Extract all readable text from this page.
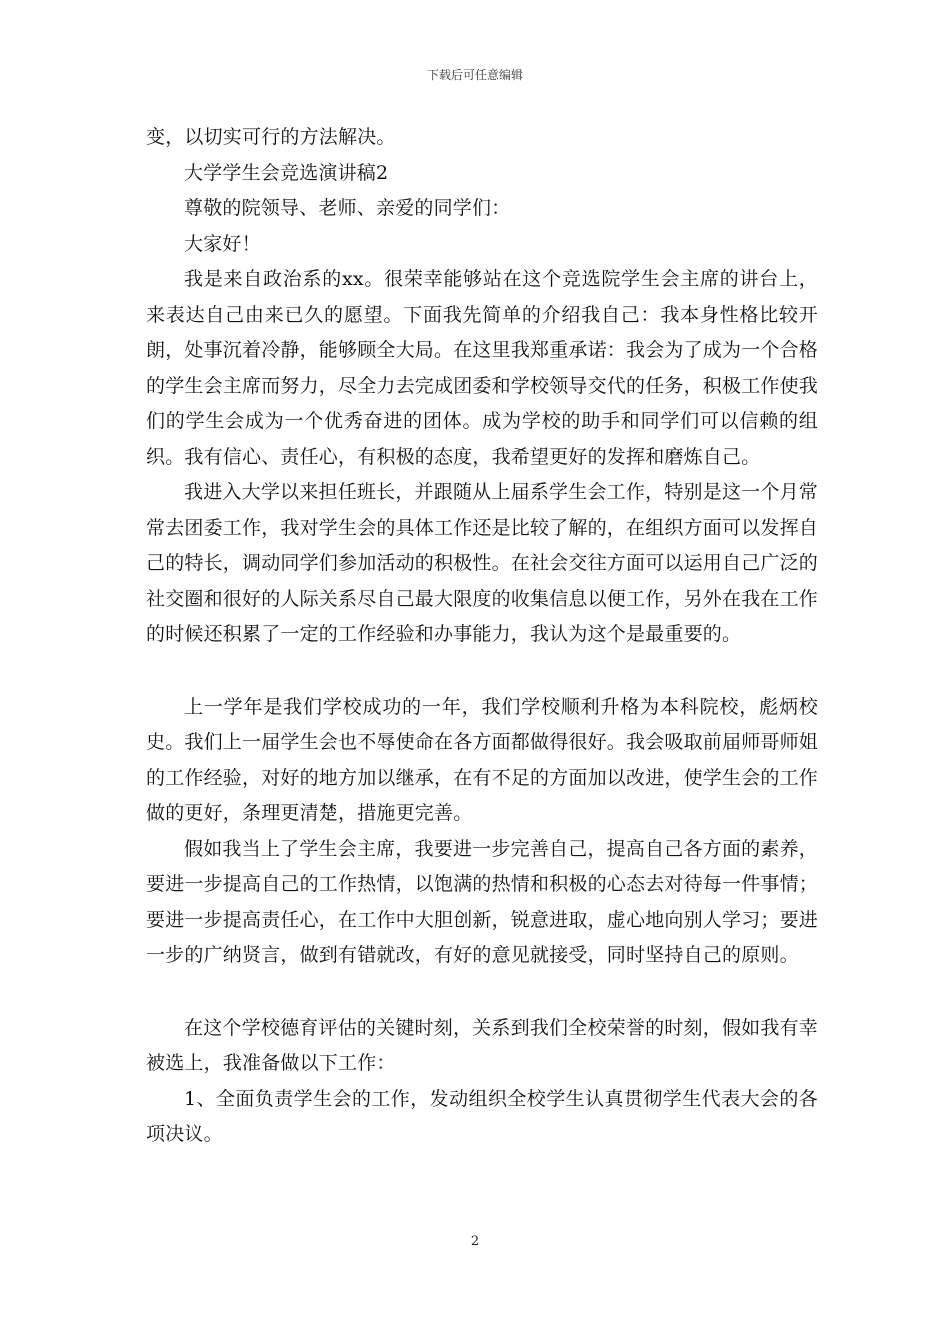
下载后可任意编辑

变，以切实可行的方法解决。

大学学生会竞选演讲稿2

尊敬的院领导、老师、亲爱的同学们：

大家好！

我是来自政治系的xx。很荣幸能够站在这个竞选院学生会主席的讲台上，来表达自己由来已久的愿望。下面我先简单的介绍我自己：我本身性格比较开朗，处事沉着冷静，能够顾全大局。在这里我郑重承诺：我会为了成为一个合格的学生会主席而努力，尽全力去完成团委和学校领导交代的任务，积极工作使我们的学生会成为一个优秀奋进的团体。成为学校的助手和同学们可以信赖的组织。我有信心、责任心，有积极的态度，我希望更好的发挥和磨炼自己。

我进入大学以来担任班长，并跟随从上届系学生会工作，特别是这一个月常常去团委工作，我对学生会的具体工作还是比较了解的，在组织方面可以发挥自己的特长，调动同学们参加活动的积极性。在社会交往方面可以运用自己广泛的社交圈和很好的人际关系尽自己最大限度的收集信息以便工作，另外在我在工作的时候还积累了一定的工作经验和办事能力，我认为这个是最重要的。

上一学年是我们学校成功的一年，我们学校顺利升格为本科院校，彪炳校史。我们上一届学生会也不辱使命在各方面都做得很好。我会吸取前届师哥师姐的工作经验，对好的地方加以继承，在有不足的方面加以改进，使学生会的工作做的更好，条理更清楚，措施更完善。

假如我当上了学生会主席，我要进一步完善自己，提高自己各方面的素养，要进一步提高自己的工作热情，以饱满的热情和积极的心态去对待每一件事情；要进一步提高责任心，在工作中大胆创新，锐意进取，虚心地向别人学习；要进一步的广纳贤言，做到有错就改，有好的意见就接受，同时坚持自己的原则。

在这个学校德育评估的关键时刻，关系到我们全校荣誉的时刻，假如我有幸被选上，我准备做以下工作：

1、全面负责学生会的工作，发动组织全校学生认真贯彻学生代表大会的各项决议。

2
